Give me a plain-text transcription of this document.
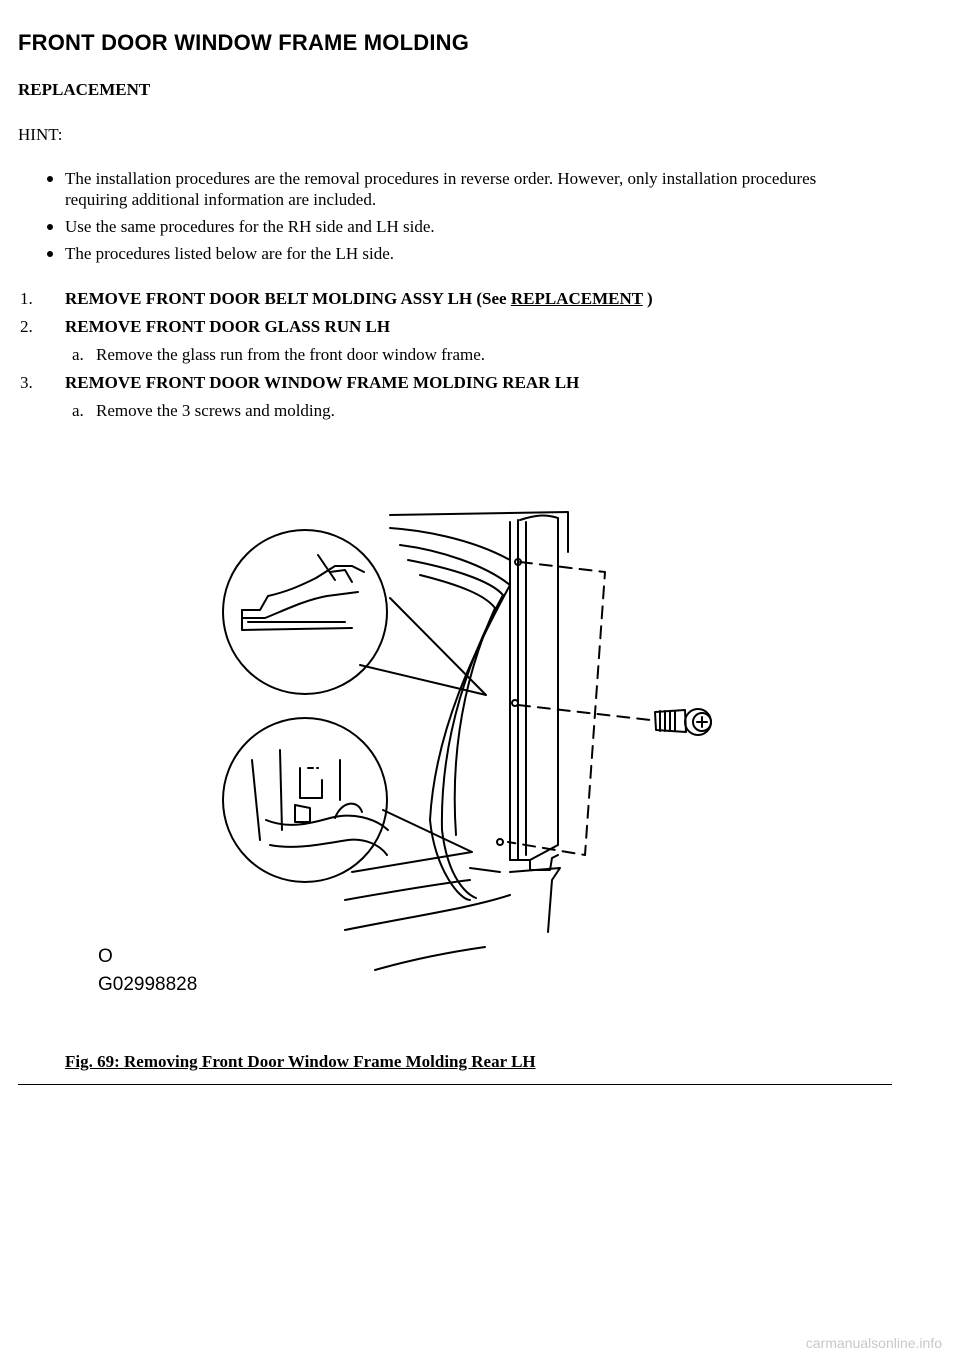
FRONT DOOR WINDOW FRAME MOLDING
REPLACEMENT
HINT:
The installation procedures are the removal procedures in reverse order. However, only installation procedures requiring additional information are included.
Use the same procedures for the RH side and LH side.
The procedures listed below are for the LH side.
1.	REMOVE FRONT DOOR BELT MOLDING ASSY LH (See REPLACEMENT )
2.	REMOVE FRONT DOOR GLASS RUN LH
a. Remove the glass run from the front door window frame.
3.	REMOVE FRONT DOOR WINDOW FRAME MOLDING REAR LH
a. Remove the 3 screws and molding.
O
G02998828
Fig. 69: Removing Front Door Window Frame Molding Rear LH
carmanualsonline.info
